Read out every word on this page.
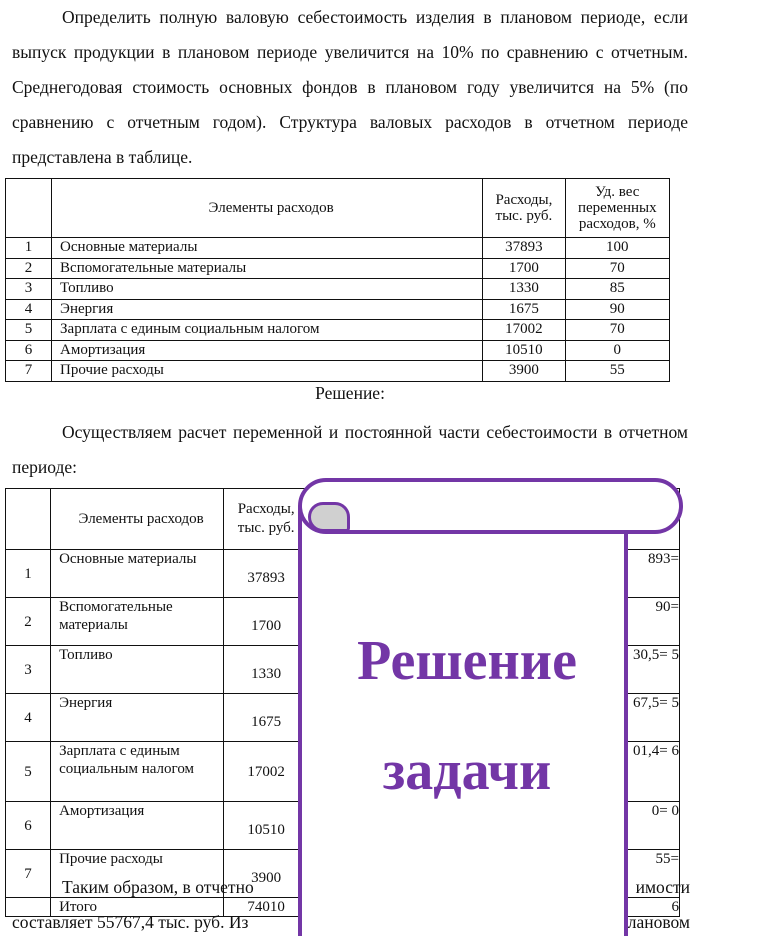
Определить полную валовую себестоимость изделия в плановом периоде, если выпуск продукции в плановом периоде увеличится на 10% по сравнению с отчетным. Среднегодовая стоимость основных фондов в плановом году увеличится на 5% (по сравнению с отчетным годом). Структура валовых расходов в отчетном периоде представлена в таблице.

	Элементы расходов	Расходы, тыс. руб.	Уд. вес переменных расходов, %
1	Основные материалы	37893	100
2	Вспомогательные материалы	1700	70
3	Топливо	1330	85
4	Энергия	1675	90
5	Зарплата с единым социальным налогом	17002	70
6	Амортизация	10510	0
7	Прочие расходы	3900	55
Решение:

Осуществляем расчет переменной и постоянной части себестоимости в отчетном периоде:

	Элементы расходов	Расходы, тыс. руб.		
1	Основные материалы	37893		893=
2	Вспомогательные материалы	1700		90=
3	Топливо	1330		30,5= 5
4	Энергия	1675		67,5= 5
5	Зарплата с единым социальным налогом	17002		01,4= 6
6	Амортизация	10510		0= 0
7	Прочие расходы	3900		55=
	Итого	74010		6
Таким образом, в отчетно	имости
составляет 55767,4 тыс. руб. Из	лановом
Решение
задачи
